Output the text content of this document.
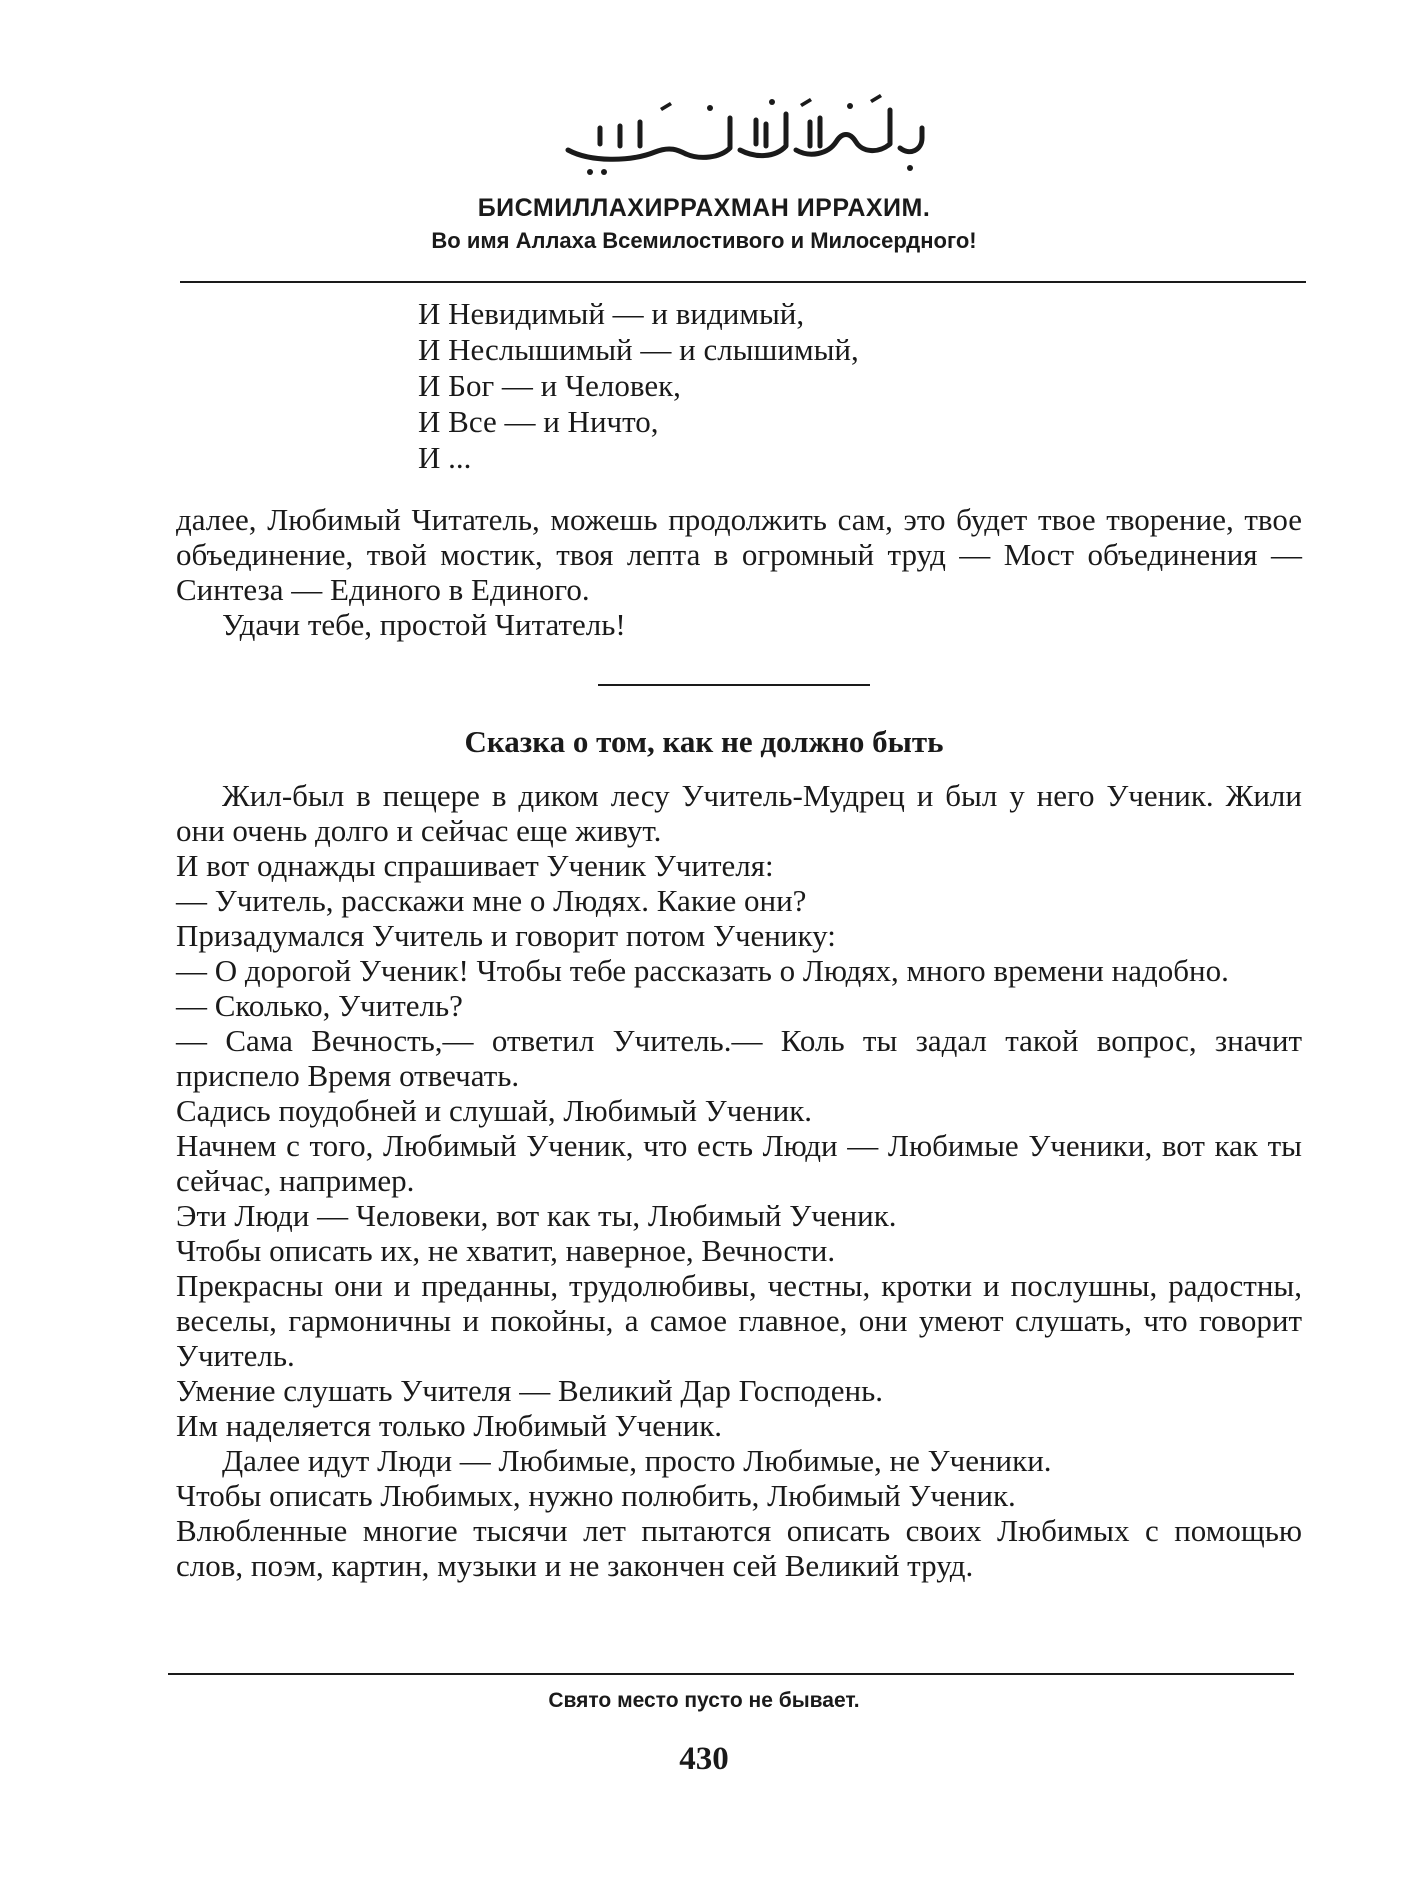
БИСМИЛЛАХИРРАХМАН ИРРАХИМ.

Во имя Аллаха Всемилостивого и Милосердного!

И Невидимый — и видимый,
И Неслышимый — и слышимый,
И Бог — и Человек,
И Все — и Ничто,
И ...

далее, Любимый Читатель, можешь продолжить сам, это будет твое творение, твое объединение, твой мостик, твоя лепта в огромный труд — Мост объединения — Синтеза — Единого в Единого.

Удачи тебе, простой Читатель!

Сказка о том, как не должно быть

Жил-был в пещере в диком лесу Учитель-Мудрец и был у него Ученик. Жили они очень долго и сейчас еще живут.

И вот однажды спрашивает Ученик Учителя:

— Учитель, расскажи мне о Людях. Какие они?

Призадумался Учитель и говорит потом Ученику:

— О дорогой Ученик! Чтобы тебе рассказать о Людях, много времени надобно.

— Сколько, Учитель?

— Сама Вечность,— ответил Учитель.— Коль ты задал такой вопрос, значит приспело Время отвечать.

Садись поудобней и слушай, Любимый Ученик.

Начнем с того, Любимый Ученик, что есть Люди — Любимые Ученики, вот как ты сейчас, например.

Эти Люди — Человеки, вот как ты, Любимый Ученик.

Чтобы описать их, не хватит, наверное, Вечности.

Прекрасны они и преданны, трудолюбивы, честны, кротки и послушны, радостны, веселы, гармоничны и покойны, а самое главное, они умеют слушать, что говорит Учитель.

Умение слушать Учителя — Великий Дар Господень.

Им наделяется только Любимый Ученик.

Далее идут Люди — Любимые, просто Любимые, не Ученики.

Чтобы описать Любимых, нужно полюбить, Любимый Ученик.

Влюбленные многие тысячи лет пытаются описать своих Любимых с помощью слов, поэм, картин, музыки и не закончен сей Великий труд.

Свято место пусто не бывает.

430
